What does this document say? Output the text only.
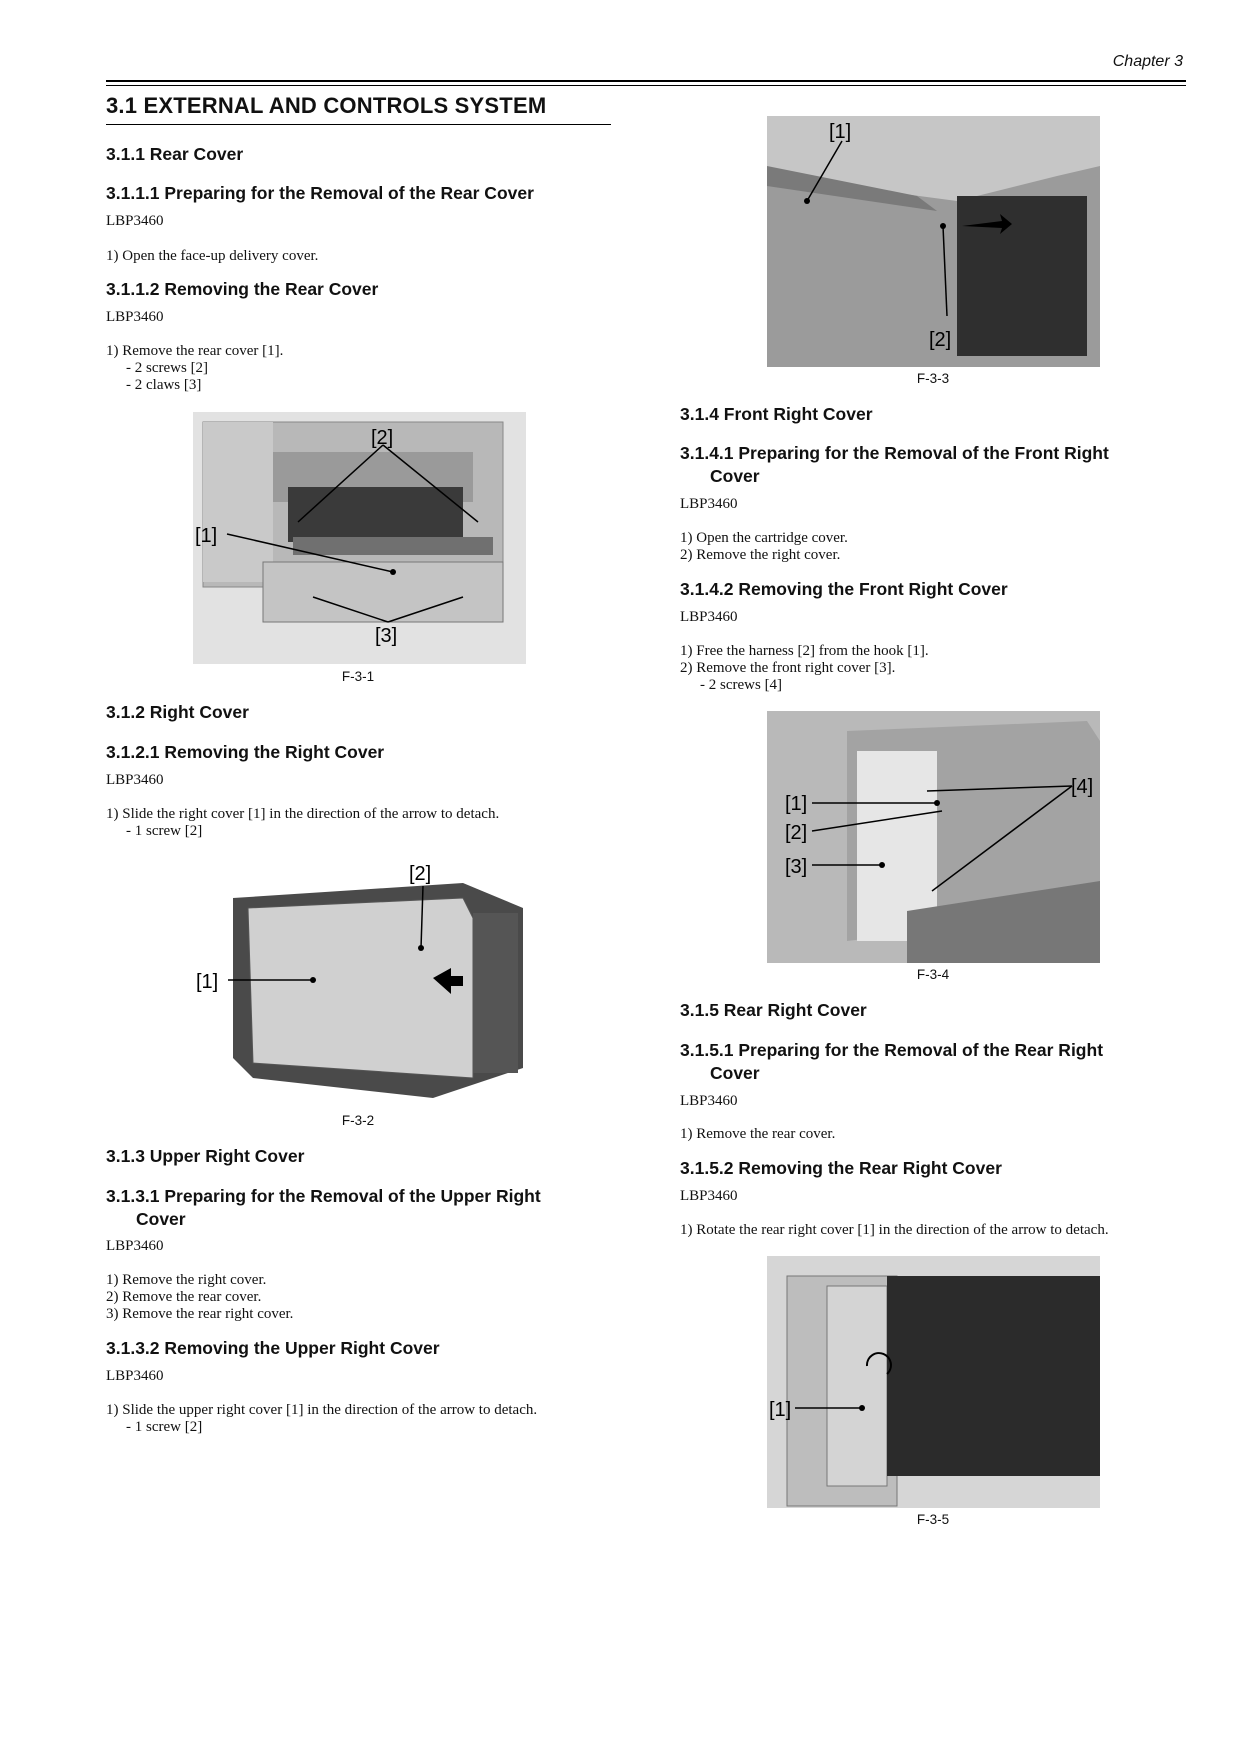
Chapter 3
3.1 EXTERNAL AND CONTROLS SYSTEM
3.1.1 Rear Cover
3.1.1.1 Preparing for the Removal of the Rear Cover
LBP3460
1) Open the face-up delivery cover.
3.1.1.2 Removing the Rear Cover
LBP3460
1) Remove the rear cover [1].
- 2 screws [2]
- 2 claws [3]
[2]
[1]
[3]
F-3-1
3.1.2 Right Cover
3.1.2.1 Removing the Right Cover
LBP3460
1) Slide the right cover [1] in the direction of the arrow to detach.
- 1 screw [2]
[1]
[2]
F-3-2
3.1.3 Upper Right Cover
3.1.3.1 Preparing for the Removal of the Upper Right
Cover
LBP3460
1) Remove the right cover.
2) Remove the rear cover.
3) Remove the rear right cover.
3.1.3.2 Removing the Upper Right Cover
LBP3460
1) Slide the upper right cover [1] in the direction of the arrow to detach.
- 1 screw [2]
[1]
[2]
F-3-3
3.1.4 Front Right Cover
3.1.4.1 Preparing for the Removal of the Front Right
Cover
LBP3460
1) Open the cartridge cover.
2) Remove the right cover.
3.1.4.2 Removing the Front Right Cover
LBP3460
1) Free the harness [2] from the hook [1].
2) Remove the front right cover [3].
- 2 screws [4]
[1]
[2]
[3]
[4]
F-3-4
3.1.5 Rear Right Cover
3.1.5.1 Preparing for the Removal of the Rear Right
Cover
LBP3460
1) Remove the rear cover.
3.1.5.2 Removing the Rear Right Cover
LBP3460
1) Rotate the rear right cover [1] in the direction of the arrow to detach.
[1]
F-3-5
